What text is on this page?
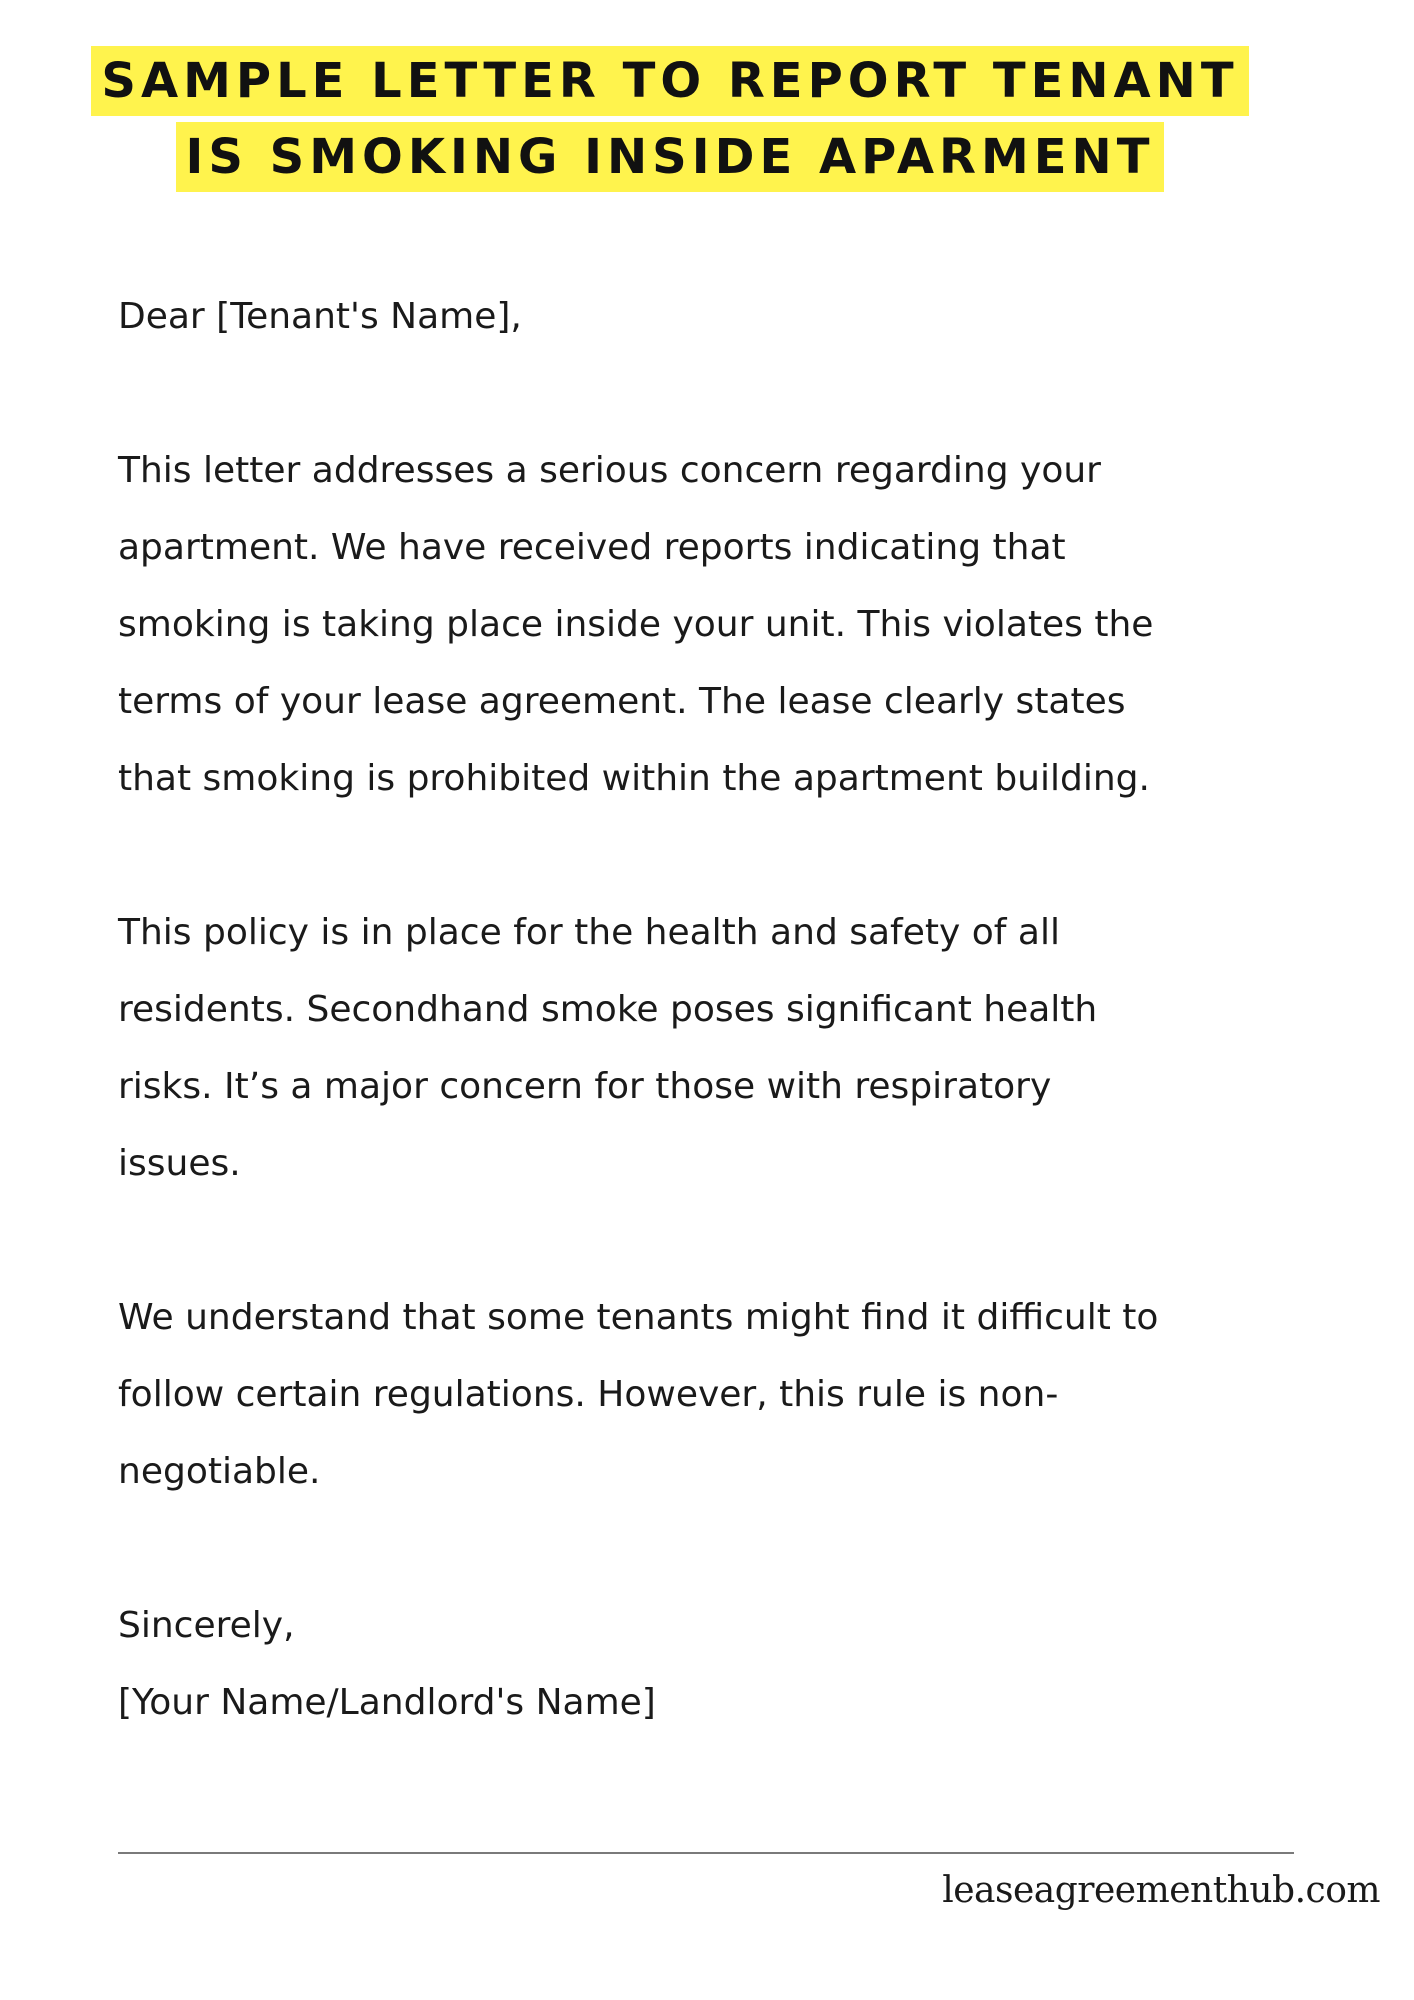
SAMPLE LETTER TO REPORT TENANT
IS SMOKING INSIDE APARMENT

Dear [Tenant's Name],

This letter addresses a serious concern regarding your
apartment. We have received reports indicating that
smoking is taking place inside your unit. This violates the
terms of your lease agreement. The lease clearly states
that smoking is prohibited within the apartment building.

This policy is in place for the health and safety of all
residents. Secondhand smoke poses significant health
risks. It’s a major concern for those with respiratory
issues.

We understand that some tenants might find it difficult to
follow certain regulations. However, this rule is non-
negotiable.

Sincerely,
[Your Name/Landlord's Name]

leaseagreementhub.com
